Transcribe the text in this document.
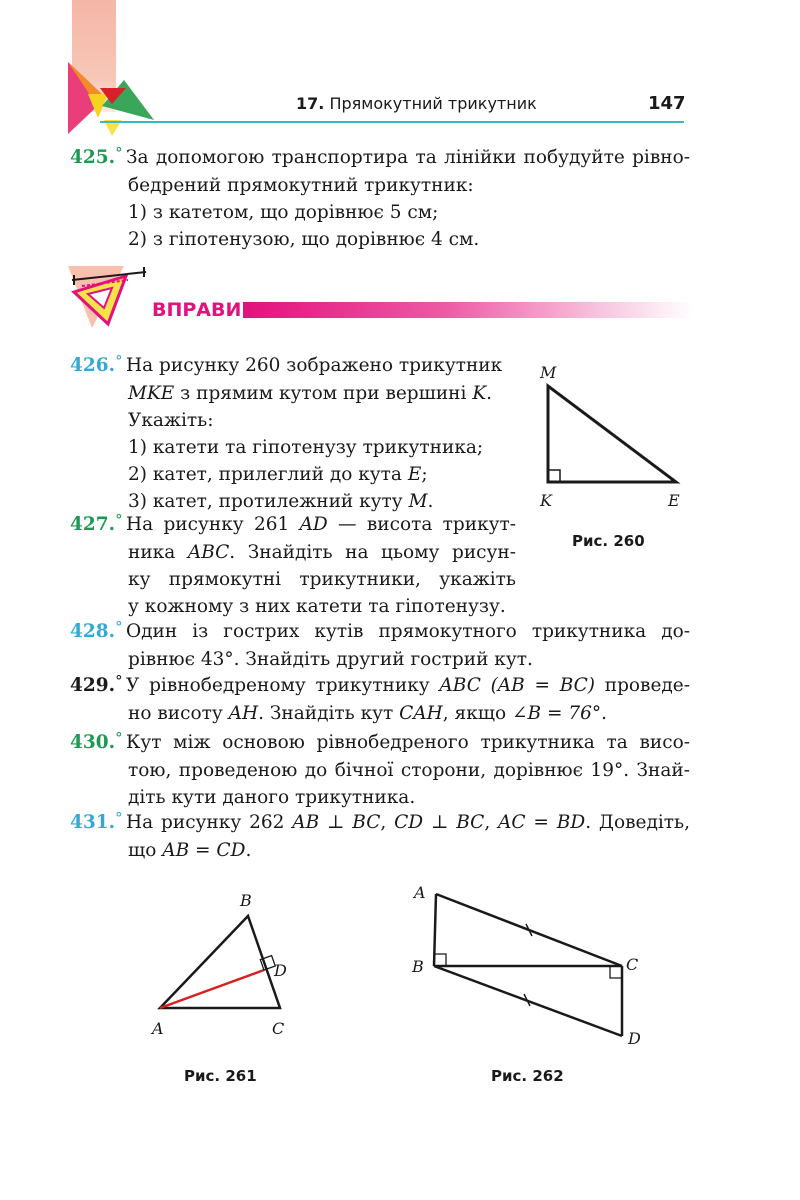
17. Прямокутний трикутник	147
425.° За допомогою транспортира та лінійки побудуйте рівно-
бедрений прямокутний трикутник:
1) з катетом, що дорівнює 5 см;
2) з гіпотенузою, що дорівнює 4 см.
ВПРАВИ
426.° На рисунку 260 зображено трикутник
MKE з прямим кутом при вершині K.
Укажіть:
1) катети та гіпотенузу трикутника;
2) катет, прилеглий до кута E;
3) катет, протилежний куту M.
M
K	E
Рис. 260
427.° На рисунку 261 AD — висота трикут-
ника ABC. Знайдіть на цьому рисун-
ку прямокутні трикутники, укажіть
у кожному з них катети та гіпотенузу.
428.° Один із гострих кутів прямокутного трикутника до-
рівнює 43°. Знайдіть другий гострий кут.
429.° У рівнобедреному трикутнику ABC (AB = BC) проведе-
но висоту AH. Знайдіть кут CAH, якщо ∠B = 76°.
430.° Кут між основою рівнобедреного трикутника та висо-
тою, проведеною до бічної сторони, дорівнює 19°. Знай-
діть кути даного трикутника.
431.° На рисунку 262 AB ⊥ BC, CD ⊥ BC, AC = BD. Доведіть,
що AB = CD.
B
D
A	C
Рис. 261
A
B	C
D
Рис. 262
